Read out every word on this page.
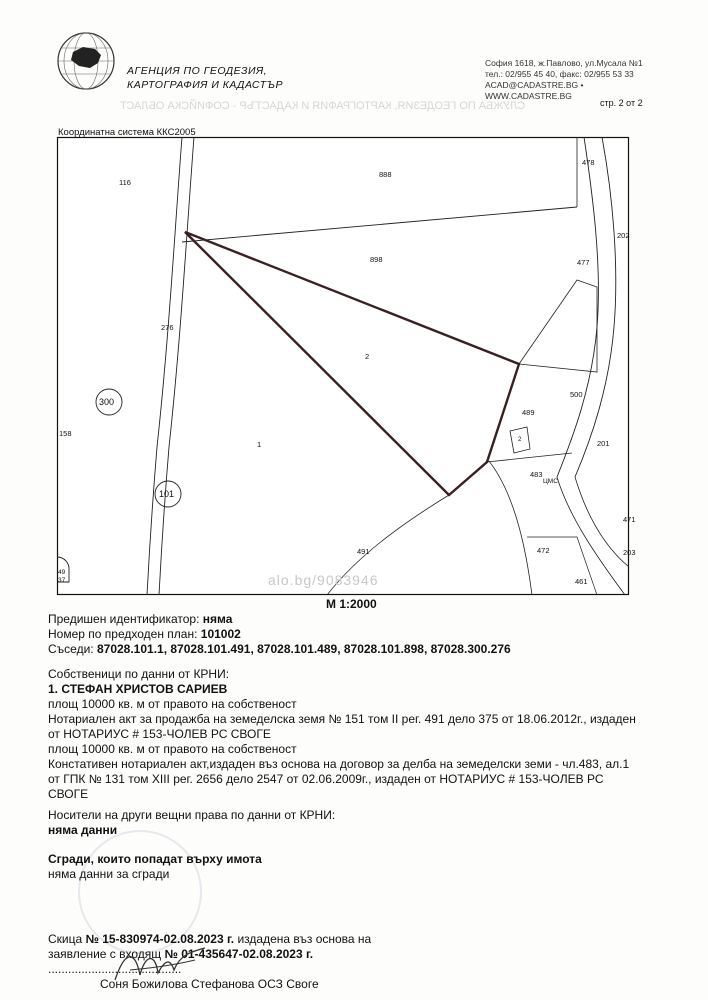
СЛУЖБА ПО ГЕОДЕЗИЯ, КАРТОГРАФИЯ И КАДАСТЪР - СОФИЙСКА ОБЛАСТ
АГЕНЦИЯ ПО ГЕОДЕЗИЯ,
КАРТОГРАФИЯ И КАДАСТЪР
София 1618, ж.Павлово, ул.Мусала №1
тел.: 02/955 45 40, факс: 02/955 53 33
ACAD@CADASTRE.BG • WWW.CADASTRE.BG
стр. 2 от 2
Координатна система ККС2005
116
888
478
202
898	477
276
2
300
500
489
158
1	2	201
101
483
ЦМС
471
491	472	203
49
37	461
alo.bg/9083946
М 1:2000
Предишен идентификатор: няма
Номер по предходен план: 101002
Съседи: 87028.101.1, 87028.101.491, 87028.101.489, 87028.101.898, 87028.300.276
Собственици по данни от КРНИ:
1. СТЕФАН ХРИСТОВ САРИЕВ
площ 10000 кв. м от правото на собственост
Нотариален акт за продажба на земеделска земя № 151 том II рег. 491 дело 375 от 18.06.2012г., издаден
от НОТАРИУС # 153-ЧОЛЕВ РС СВОГЕ
площ 10000 кв. м от правото на собственост
Констативен нотариален акт,издаден въз основа на договор за делба на земеделски земи - чл.483, ал.1
от ГПК № 131 том XIII рег. 2656 дело 2547 от 02.06.2009г., издаден от НОТАРИУС # 153-ЧОЛЕВ РС
СВОГЕ
Носители на други вещни права по данни от КРНИ:
няма данни
Сгради, които попадат върху имота
няма данни за сгради
Скица № 15-830974-02.08.2023 г. издадена въз основа на
заявление с входящ № 01-435647-02.08.2023 г.
........................................
Соня Божилова Стефанова ОСЗ Своге
